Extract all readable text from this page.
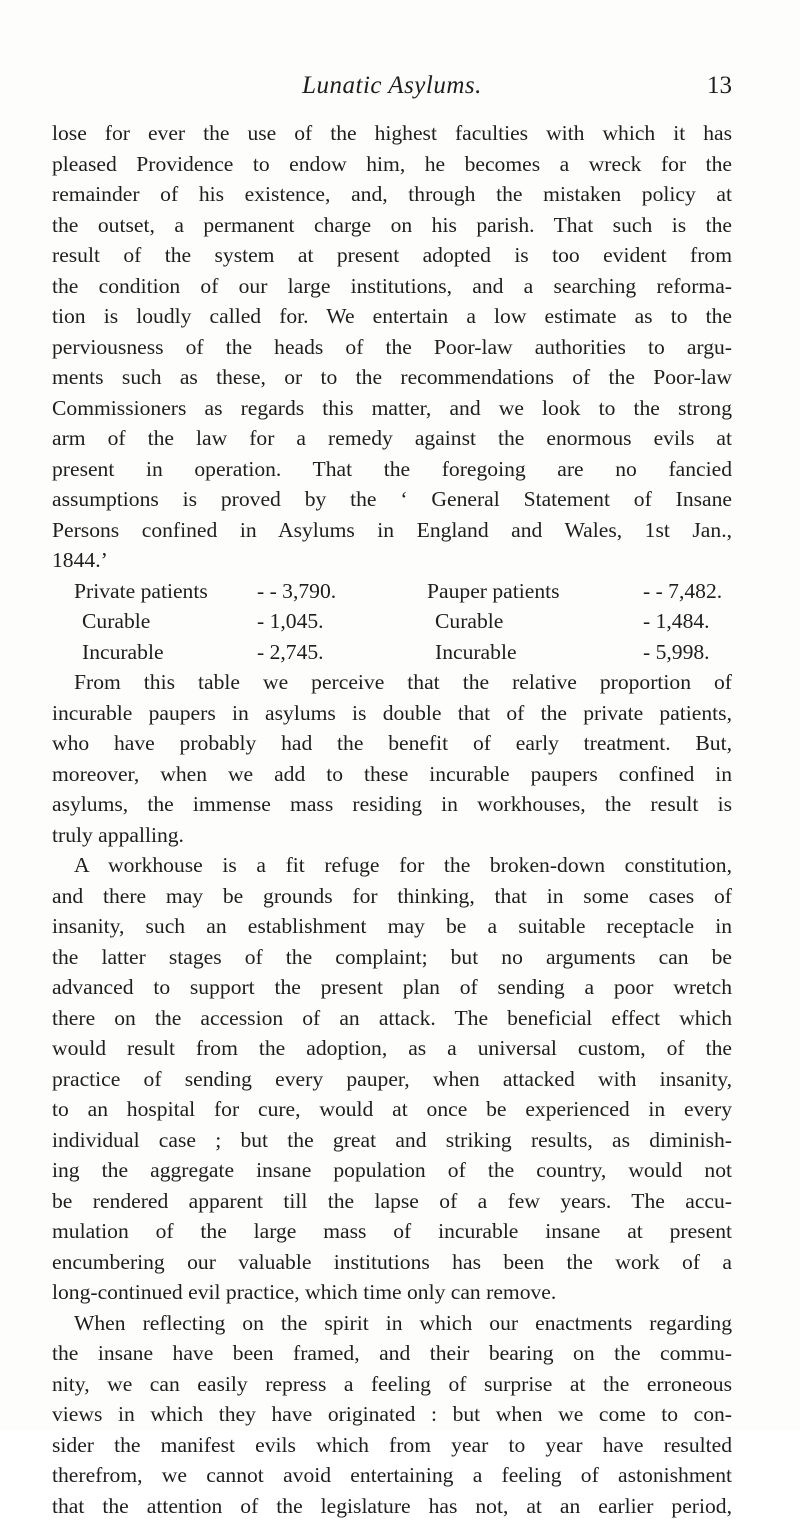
Lunatic Asylums.	13
lose for ever the use of the highest faculties with which it has
pleased Providence to endow him, he becomes a wreck for the
remainder of his existence, and, through the mistaken policy at
the outset, a permanent charge on his parish. That such is the
result of the system at present adopted is too evident from
the condition of our large institutions, and a searching reforma-
tion is loudly called for. We entertain a low estimate as to the
perviousness of the heads of the Poor-law authorities to argu-
ments such as these, or to the recommendations of the Poor-law
Commissioners as regards this matter, and we look to the strong
arm of the law for a remedy against the enormous evils at
present in operation. That the foregoing are no fancied
assumptions is proved by the ‘ General Statement of Insane
Persons confined in Asylums in England and Wales, 1st Jan.,
1844.’
Private patients - - 3,790.	Pauper patients	- - 7,482.
Curable	- 1,045.	Curable	- 1,484.
Incurable	- 2,745.	Incurable	- 5,998.
From this table we perceive that the relative proportion of
incurable paupers in asylums is double that of the private patients,
who have probably had the benefit of early treatment. But,
moreover, when we add to these incurable paupers confined in
asylums, the immense mass residing in workhouses, the result is
truly appalling.
A workhouse is a fit refuge for the broken-down constitution,
and there may be grounds for thinking, that in some cases of
insanity, such an establishment may be a suitable receptacle in
the latter stages of the complaint; but no arguments can be
advanced to support the present plan of sending a poor wretch
there on the accession of an attack. The beneficial effect which
would result from the adoption, as a universal custom, of the
practice of sending every pauper, when attacked with insanity,
to an hospital for cure, would at once be experienced in every
individual case ; but the great and striking results, as diminish-
ing the aggregate insane population of the country, would not
be rendered apparent till the lapse of a few years. The accu-
mulation of the large mass of incurable insane at present
encumbering our valuable institutions has been the work of a
long-continued evil practice, which time only can remove.
When reflecting on the spirit in which our enactments regarding
the insane have been framed, and their bearing on the commu-
nity, we can easily repress a feeling of surprise at the erroneous
views in which they have originated : but when we come to con-
sider the manifest evils which from year to year have resulted
therefrom, we cannot avoid entertaining a feeling of astonishment
that the attention of the legislature has not, at an earlier period,
